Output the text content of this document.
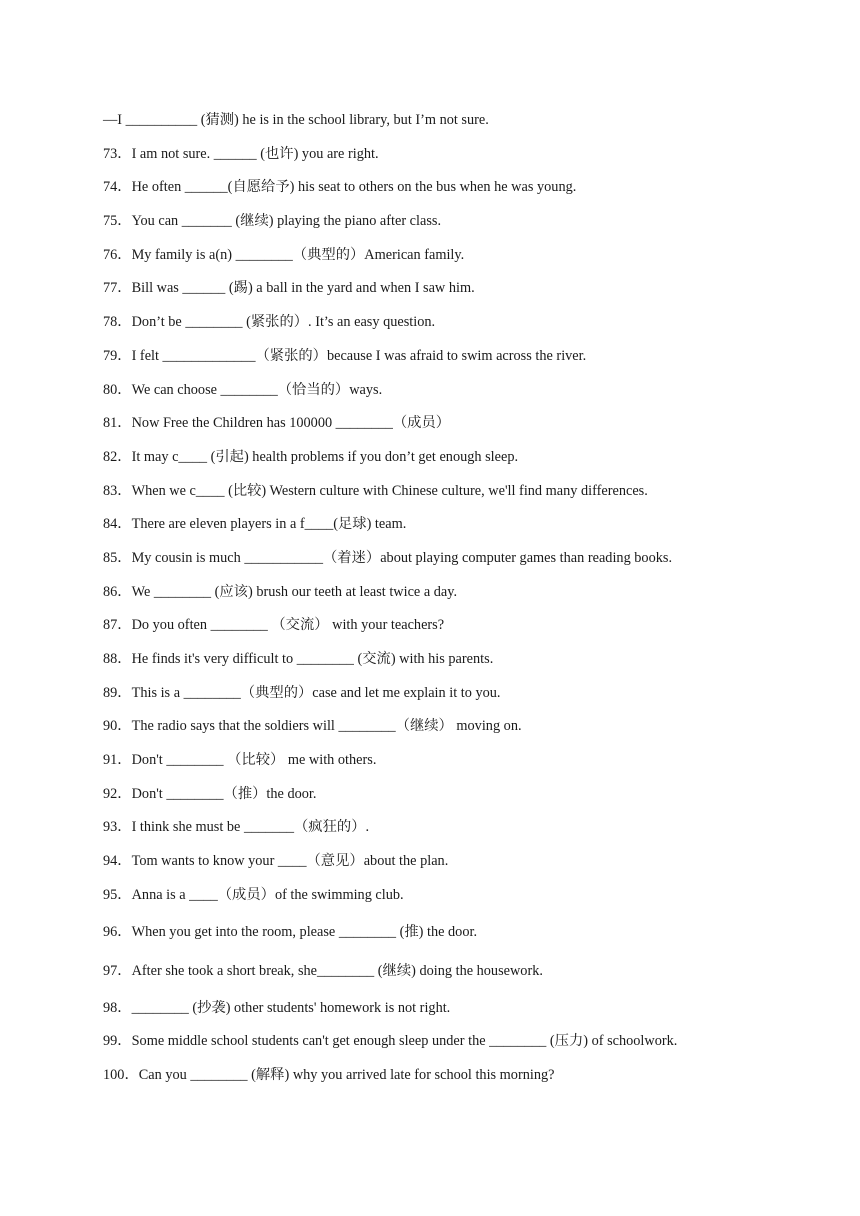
—I __________ (猜测) he is in the school library, but I’m not sure.
73．I am not sure. ______ (也许) you are right.
74．He often ______(自愿给予) his seat to others on the bus when he was young.
75．You can _______ (继续) playing the piano after class.
76．My family is a(n) ________（典型的）American family.
77．Bill was ______ (踢) a ball in the yard and when I saw him.
78．Don’t be ________ (紧张的）. It’s an easy question.
79．I felt _____________（紧张的）because I was afraid to swim across the river.
80．We can choose ________（恰当的）ways.
81．Now Free the Children has 100000 ________（成员）
82．It may c____ (引起) health problems if you don’t get enough sleep.
83．When we c____ (比较) Western culture with Chinese culture, we'll find many differences.
84．There are eleven players in a f____(足球) team.
85．My cousin is much ___________（着迷）about playing computer games than reading books.
86．We ________ (应该) brush our teeth at least twice a day.
87．Do you often ________ （交流） with your teachers?
88．He finds it's very difficult to ________ (交流) with his parents.
89．This is a ________（典型的）case and let me explain it to you.
90．The radio says that the soldiers will ________（继续） moving on.
91．Don't ________ （比较） me with others.
92．Don't ________（推）the door.
93．I think she must be _______（疯狂的）.
94．Tom wants to know your ____（意见）about the plan.
95．Anna is a ____（成员）of the swimming club.
96．When you get into the room, please ________ (推) the door.
97．After she took a short break, she________ (继续) doing the housework.
98．________ (抄袭) other students' homework is not right.
99．Some middle school students can't get enough sleep under the ________ (压力) of schoolwork.
100．Can you ________ (解释) why you arrived late for school this morning?
